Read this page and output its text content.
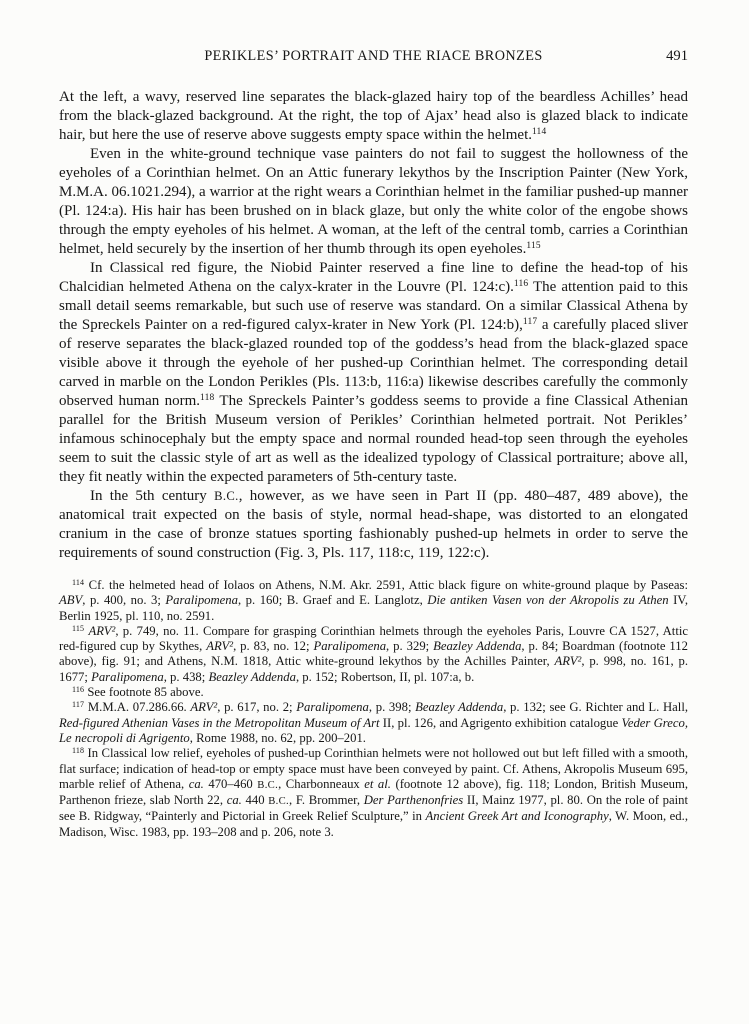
PERIKLES’ PORTRAIT AND THE RIACE BRONZES	491

At the left, a wavy, reserved line separates the black-glazed hairy top of the beardless Achilles’ head from the black-glazed background. At the right, the top of Ajax’ head also is glazed black to indicate hair, but here the use of reserve above suggests empty space within the helmet.$^{114}$

Even in the white-ground technique vase painters do not fail to suggest the hollowness of the eyeholes of a Corinthian helmet. On an Attic funerary lekythos by the Inscription Painter (New York, M.M.A. 06.1021.294), a warrior at the right wears a Corinthian helmet in the familiar pushed-up manner (Pl. 124:a). His hair has been brushed on in black glaze, but only the white color of the engobe shows through the empty eyeholes of his helmet. A woman, at the left of the central tomb, carries a Corinthian helmet, held securely by the insertion of her thumb through its open eyeholes.$^{115}$

In Classical red figure, the Niobid Painter reserved a fine line to define the head-top of his Chalcidian helmeted Athena on the calyx-krater in the Louvre (Pl. 124:c).$^{116}$ The attention paid to this small detail seems remarkable, but such use of reserve was standard. On a similar Classical Athena by the Spreckels Painter on a red-figured calyx-krater in New York (Pl. 124:b),$^{117}$ a carefully placed sliver of reserve separates the black-glazed rounded top of the goddess’s head from the black-glazed space visible above it through the eyehole of her pushed-up Corinthian helmet. The corresponding detail carved in marble on the London Perikles (Pls. 113:b, 116:a) likewise describes carefully the commonly observed human norm.$^{118}$ The Spreckels Painter’s goddess seems to provide a fine Classical Athenian parallel for the British Museum version of Perikles’ Corinthian helmeted portrait. Not Perikles’ infamous schinocephaly but the empty space and normal rounded head-top seen through the eyeholes seem to suit the classic style of art as well as the idealized typology of Classical portraiture; above all, they fit neatly within the expected parameters of 5th-century taste.

In the 5th century B.C., however, as we have seen in Part II (pp. 480–487, 489 above), the anatomical trait expected on the basis of style, normal head-shape, was distorted to an elongated cranium in the case of bronze statues sporting fashionably pushed-up helmets in order to serve the requirements of sound construction (Fig. 3, Pls. 117, 118:c, 119, 122:c).

$^{114}$ Cf. the helmeted head of Iolaos on Athens, N.M. Akr. 2591, Attic black figure on white-ground plaque by Paseas: ABV, p. 400, no. 3; Paralipomena, p. 160; B. Graef and E. Langlotz, Die antiken Vasen von der Akropolis zu Athen IV, Berlin 1925, pl. 110, no. 2591.

$^{115}$ ARV², p. 749, no. 11. Compare for grasping Corinthian helmets through the eyeholes Paris, Louvre CA 1527, Attic red-figured cup by Skythes, ARV², p. 83, no. 12; Paralipomena, p. 329; Beazley Addenda, p. 84; Boardman (footnote 112 above), fig. 91; and Athens, N.M. 1818, Attic white-ground lekythos by the Achilles Painter, ARV², p. 998, no. 161, p. 1677; Paralipomena, p. 438; Beazley Addenda, p. 152; Robertson, II, pl. 107:a, b.

$^{116}$ See footnote 85 above.

$^{117}$ M.M.A. 07.286.66. ARV², p. 617, no. 2; Paralipomena, p. 398; Beazley Addenda, p. 132; see G. Richter and L. Hall, Red-figured Athenian Vases in the Metropolitan Museum of Art II, pl. 126, and Agrigento exhibition catalogue Veder Greco, Le necropoli di Agrigento, Rome 1988, no. 62, pp. 200–201.

$^{118}$ In Classical low relief, eyeholes of pushed-up Corinthian helmets were not hollowed out but left filled with a smooth, flat surface; indication of head-top or empty space must have been conveyed by paint. Cf. Athens, Akropolis Museum 695, marble relief of Athena, ca. 470–460 B.C., Charbonneaux et al. (footnote 12 above), fig. 118; London, British Museum, Parthenon frieze, slab North 22, ca. 440 B.C., F. Brommer, Der Parthenonfries II, Mainz 1977, pl. 80. On the role of paint see B. Ridgway, “Painterly and Pictorial in Greek Relief Sculpture,” in Ancient Greek Art and Iconography, W. Moon, ed., Madison, Wisc. 1983, pp. 193–208 and p. 206, note 3.
